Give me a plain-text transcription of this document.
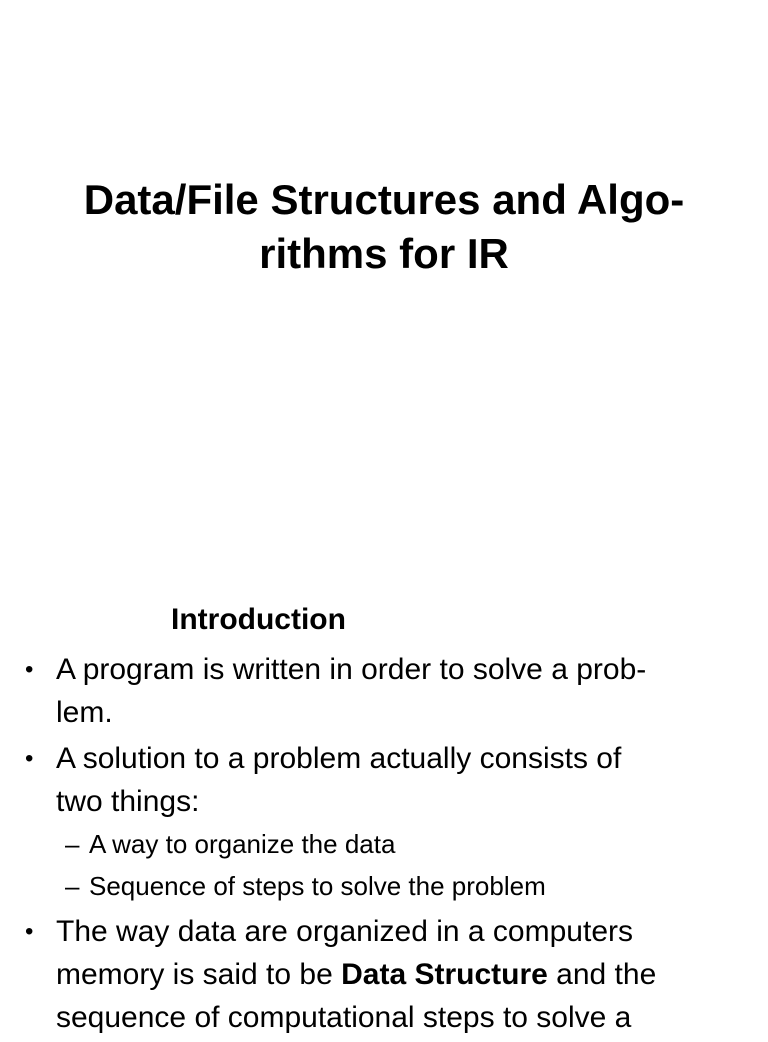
Data/File Structures and Algo-
rithms for IR
Introduction
• A program is written in order to solve a prob-
lem.
• A solution to a problem actually consists of
two things:
– A way to organize the data
– Sequence of steps to solve the problem
• The way data are organized in a computers
memory is said to be Data Structure and the
sequence of computational steps to solve a
